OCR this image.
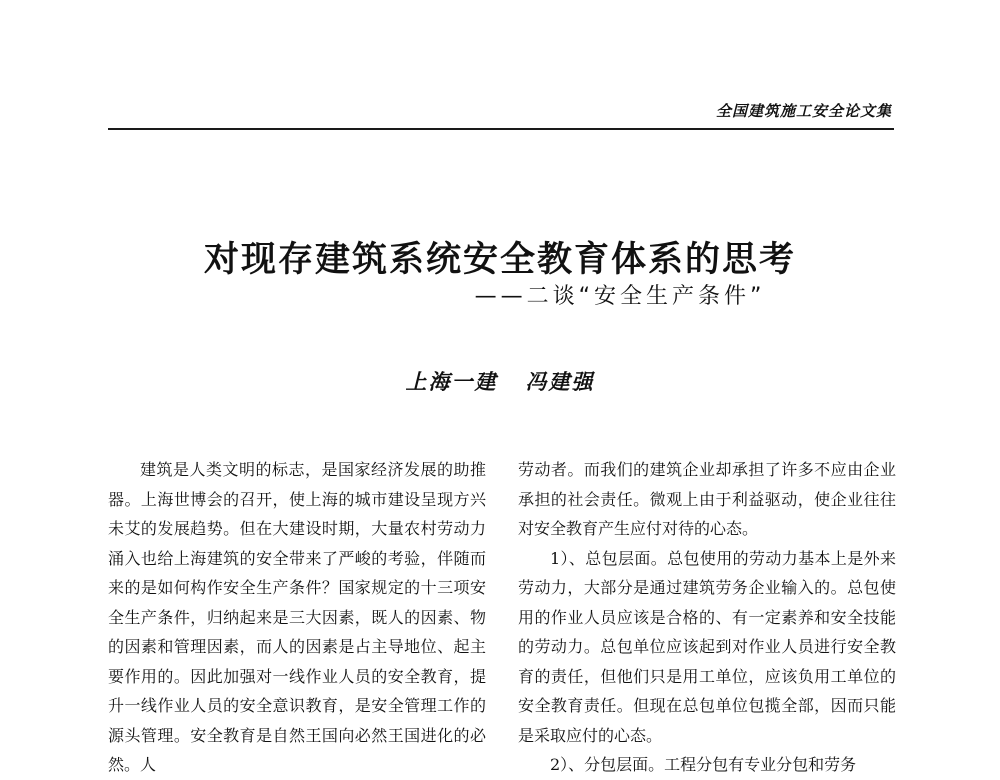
全国建筑施工安全论文集
对现存建筑系统安全教育体系的思考
——二谈“安全生产条件”
上海一建 冯建强

建筑是人类文明的标志，是国家经济发展的助推器。上海世博会的召开，使上海的城市建设呈现方兴未艾的发展趋势。但在大建设时期，大量农村劳动力涌入也给上海建筑的安全带来了严峻的考验，伴随而来的是如何构作安全生产条件？国家规定的十三项安全生产条件，归纳起来是三大因素，既人的因素、物的因素和管理因素，而人的因素是占主导地位、起主要作用的。因此加强对一线作业人员的安全教育，提升一线作业人员的安全意识教育，是安全管理工作的源头管理。安全教育是自然王国向必然王国进化的必然。人

劳动者。而我们的建筑企业却承担了许多不应由企业承担的社会责任。微观上由于利益驱动，使企业往往对安全教育产生应付对待的心态。

1）、总包层面。总包使用的劳动力基本上是外来劳动力，大部分是通过建筑劳务企业输入的。总包使用的作业人员应该是合格的、有一定素养和安全技能的劳动力。总包单位应该起到对作业人员进行安全教育的责任，但他们只是用工单位，应该负用工单位的安全教育责任。但现在总包单位包揽全部，因而只能是采取应付的心态。

2）、分包层面。工程分包有专业分包和劳务
